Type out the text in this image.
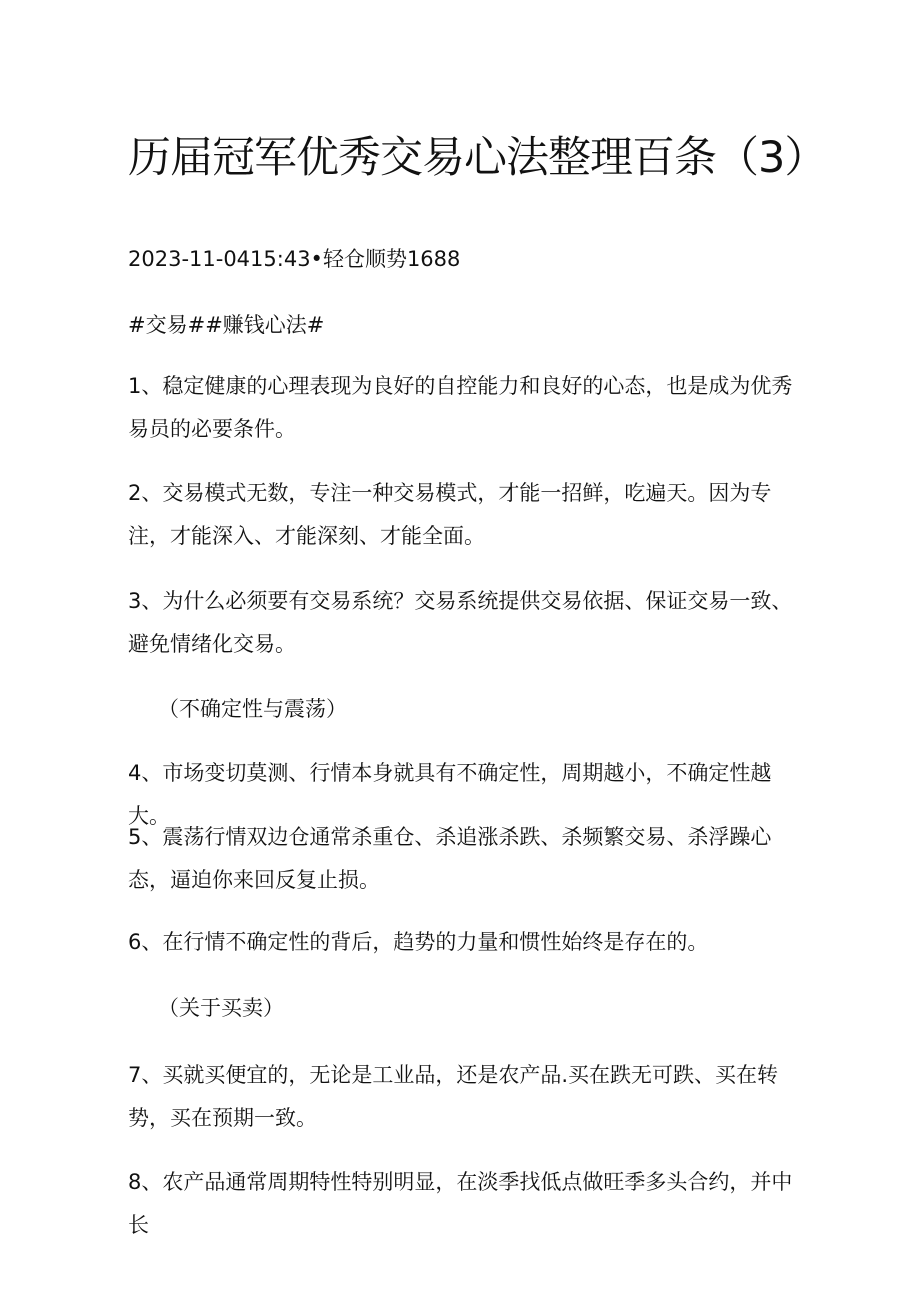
历届冠军优秀交易心法整理百条（3）
2023-11-0415:43•轻仓顺势1688
#交易##赚钱心法#

1、稳定健康的心理表现为良好的自控能力和良好的心态，也是成为优秀易员的必要条件。

2、交易模式无数，专注一种交易模式，才能一招鲜，吃遍天。因为专注，才能深入、才能深刻、才能全面。

3、为什么必须要有交易系统？交易系统提供交易依据、保证交易一致、避免情绪化交易。

（不确定性与震荡）

4、市场变切莫测、行情本身就具有不确定性，周期越小，不确定性越大。

5、震荡行情双边仓通常杀重仓、杀追涨杀跌、杀频繁交易、杀浮躁心态，逼迫你来回反复止损。

6、在行情不确定性的背后，趋势的力量和惯性始终是存在的。

（关于买卖）

7、买就买便宜的，无论是工业品，还是农产品.买在跌无可跌、买在转势，买在预期一致。

8、农产品通常周期特性特别明显，在淡季找低点做旺季多头合约，并中长
